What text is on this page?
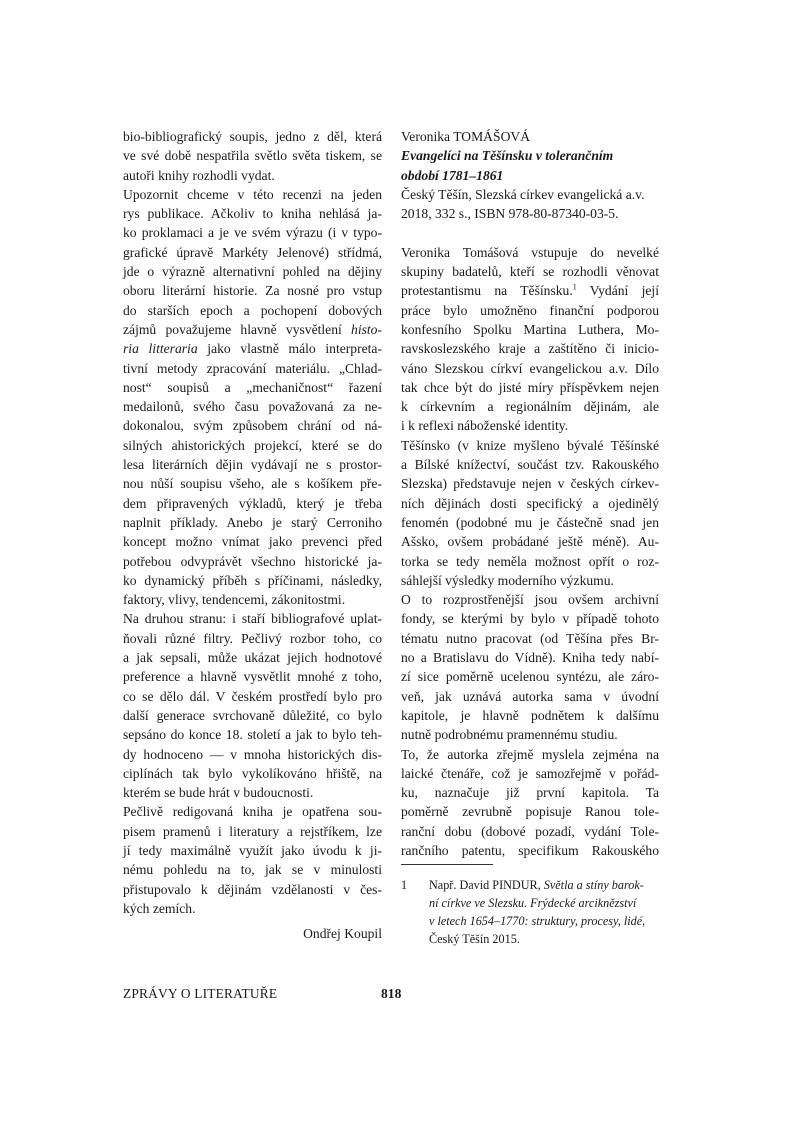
bio-bibliografický soupis, jedno z děl, která
ve své době nespatřila světlo světa tiskem, se
autoři knihy rozhodli vydat.
Upozornit chceme v této recenzi na jeden
rys publikace. Ačkoliv to kniha nehlásá ja-
ko proklamaci a je ve svém výrazu (i v typo-
grafické úpravě Markéty Jelenové) střídmá,
jde o výrazně alternativní pohled na dějiny
oboru literární historie. Za nosné pro vstup
do starších epoch a pochopení dobových
zájmů považujeme hlavně vysvětlení histo-
ria litteraria jako vlastně málo interpreta-
tivní metody zpracování materiálu. „Chlad-
nost“ soupisů a „mechaničnost“ řazení
medailonů, svého času považovaná za ne-
dokonalou, svým způsobem chrání od ná-
silných ahistorických projekcí, které se do
lesa literárních dějin vydávají ne s prostor-
nou nůší soupisu všeho, ale s košíkem pře-
dem připravených výkladů, který je třeba
naplnit příklady. Anebo je starý Cerroniho
koncept možno vnímat jako prevenci před
potřebou odvyprávět všechno historické ja-
ko dynamický příběh s příčinami, následky,
faktory, vlivy, tendencemi, zákonitostmi.
Na druhou stranu: i staří bibliografové uplat-
ňovali různé filtry. Pečlivý rozbor toho, co
a jak sepsali, může ukázat jejich hodnotové
preference a hlavně vysvětlit mnohé z toho,
co se dělo dál. V českém prostředí bylo pro
další generace svrchovaně důležité, co bylo
sepsáno do konce 18. století a jak to bylo teh-
dy hodnoceno — v mnoha historických dis-
ciplínách tak bylo vykolíkováno hřiště, na
kterém se bude hrát v budoucnosti.
Pečlivě redigovaná kniha je opatřena sou-
pisem pramenů i literatury a rejstříkem, lze
jí tedy maximálně využít jako úvodu k ji-
nému pohledu na to, jak se v minulosti
přistupovalo k dějinám vzdělanosti v čes-
kých zemích.
Ondřej Koupil
Veronika TOMÁŠOVÁ
Evangelíci na Těšínsku v tolerančním
období 1781–1861
Český Těšín, Slezská církev evangelická a.v.
2018, 332 s., ISBN 978-80-87340-03-5.
Veronika Tomášová vstupuje do nevelké
skupiny badatelů, kteří se rozhodli věnovat
protestantismu na Těšínsku.$^1$ Vydání její
práce bylo umožněno finanční podporou
konfesního Spolku Martina Luthera, Mo-
ravskoslezského kraje a zaštítěno či inicio-
váno Slezskou církví evangelickou a.v. Dílo
tak chce být do jisté míry příspěvkem nejen
k církevním a regionálním dějinám, ale
i k reflexi náboženské identity.
Těšínsko (v knize myšleno bývalé Těšínské
a Bílské knížectví, součást tzv. Rakouského
Slezska) představuje nejen v českých církev-
ních dějinách dosti specifický a ojedinělý
fenomén (podobné mu je částečně snad jen
Ašsko, ovšem probádané ještě méně). Au-
torka se tedy neměla možnost opřít o roz-
sáhlejší výsledky moderního výzkumu.
O to rozprostřenější jsou ovšem archivní
fondy, se kterými by bylo v případě tohoto
tématu nutno pracovat (od Těšína přes Br-
no a Bratislavu do Vídně). Kniha tedy nabí-
zí sice poměrně ucelenou syntézu, ale záro-
veň, jak uznává autorka sama v úvodní
kapitole, je hlavně podnětem k dalšímu
nutně podrobnému pramennému studiu.
To, že autorka zřejmě myslela zejména na
laické čtenáře, což je samozřejmě v pořád-
ku, naznačuje již první kapitola. Ta
poměrně zevrubně popisuje Ranou tole-
ranční dobu (dobové pozadí, vydání Tole-
rančního patentu, specifikum Rakouského
1 Např. David PINDUR, Světla a stíny barok-
ní církve ve Slezsku. Frýdecké arciknězství
v letech 1654–1770: struktury, procesy, lidé,
Český Těšín 2015.
ZPRÁVY O LITERATUŘE	818
